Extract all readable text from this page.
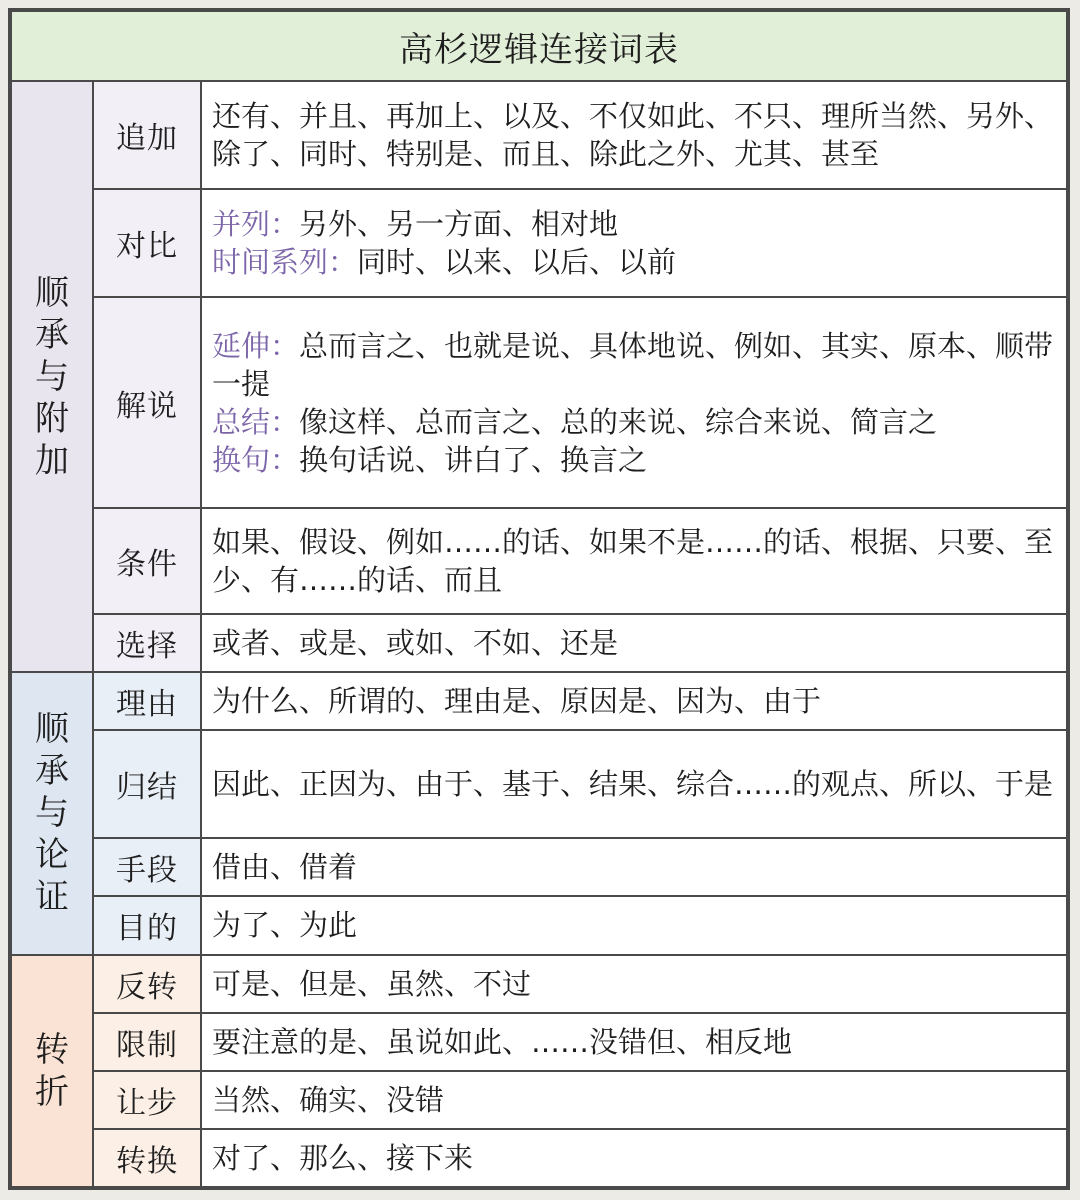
高杉逻辑连接词表		

顺
承
与
附
加	追加	还有、并且、再加上、以及、不仅如此、不只、理所当然、另外、除了、同时、特别是、而且、除此之外、尤其、甚至

	对比	并列：另外、另一方面、相对地
时间系列：同时、以来、以后、以前

	解说	延伸：总而言之、也就是说、具体地说、例如、其实、原本、顺带一提
总结：像这样、总而言之、总的来说、综合来说、简言之
换句：换句话说、讲白了、换言之

	条件	如果、假设、例如……的话、如果不是……的话、根据、只要、至少、有……的话、而且

	选择	或者、或是、或如、不如、还是

顺
承
与
论
证	理由	为什么、所谓的、理由是、原因是、因为、由于

	归结	因此、正因为、由于、基于、结果、综合……的观点、所以、于是

	手段	借由、借着

	目的	为了、为此

转
折	反转	可是、但是、虽然、不过

	限制	要注意的是、虽说如此、……没错但、相反地

	让步	当然、确实、没错

	转换	对了、那么、接下来
